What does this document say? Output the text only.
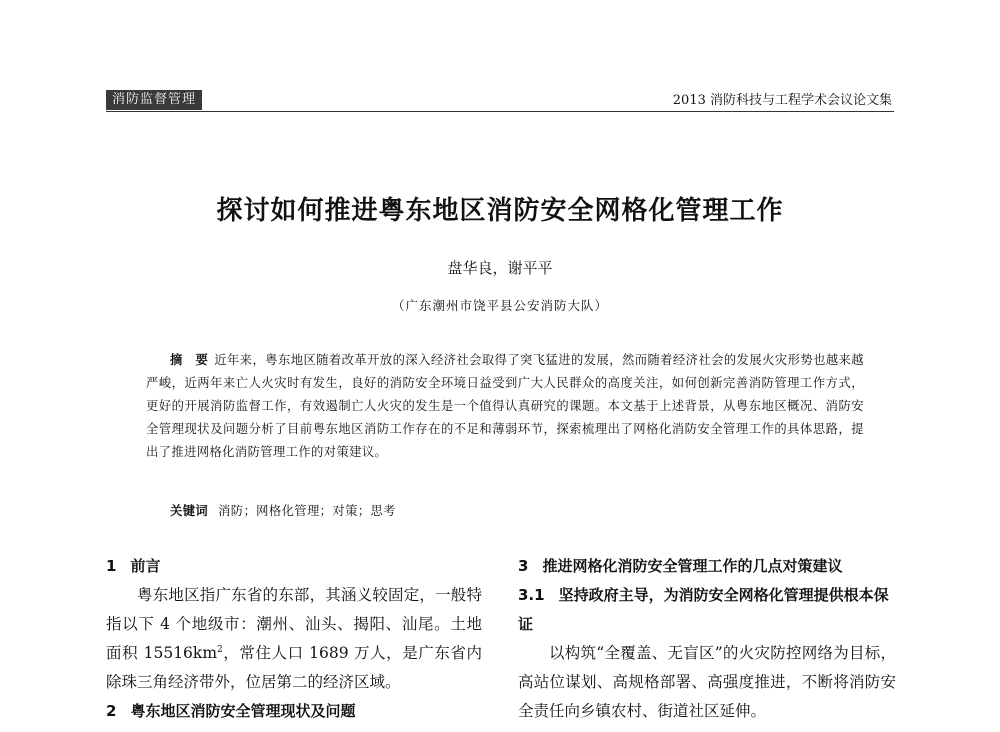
消防监督管理	2013 消防科技与工程学术会议论文集
探讨如何推进粤东地区消防安全网格化管理工作
盘华良，谢平平
（广东潮州市饶平县公安消防大队）
摘　要 近年来，粤东地区随着改革开放的深入经济社会取得了突飞猛进的发展，然而随着经济社会的发展火灾形势也越来越严峻，近两年来亡人火灾时有发生，良好的消防安全环境日益受到广大人民群众的高度关注，如何创新完善消防管理工作方式，更好的开展消防监督工作，有效遏制亡人火灾的发生是一个值得认真研究的课题。本文基于上述背景，从粤东地区概况、消防安全管理现状及问题分析了目前粤东地区消防工作存在的不足和薄弱环节，探索梳理出了网格化消防安全管理工作的具体思路，提出了推进网格化消防管理工作的对策建议。
关键词 消防；网格化管理；对策；思考
1 前言

粤东地区指广东省的东部，其涵义较固定，一般特指以下 4 个地级市：潮州、汕头、揭阳、汕尾。土地面积 $15516km^2$，常住人口 1689 万人，是广东省内除珠三角经济带外，位居第二的经济区域。

2 粤东地区消防安全管理现状及问题
3 推进网格化消防安全管理工作的几点对策建议
3.1 坚持政府主导，为消防安全网格化管理提供根本保证

以构筑“全覆盖、无盲区”的火灾防控网络为目标，高站位谋划、高规格部署、高强度推进，不断将消防安全责任向乡镇农村、街道社区延伸。
